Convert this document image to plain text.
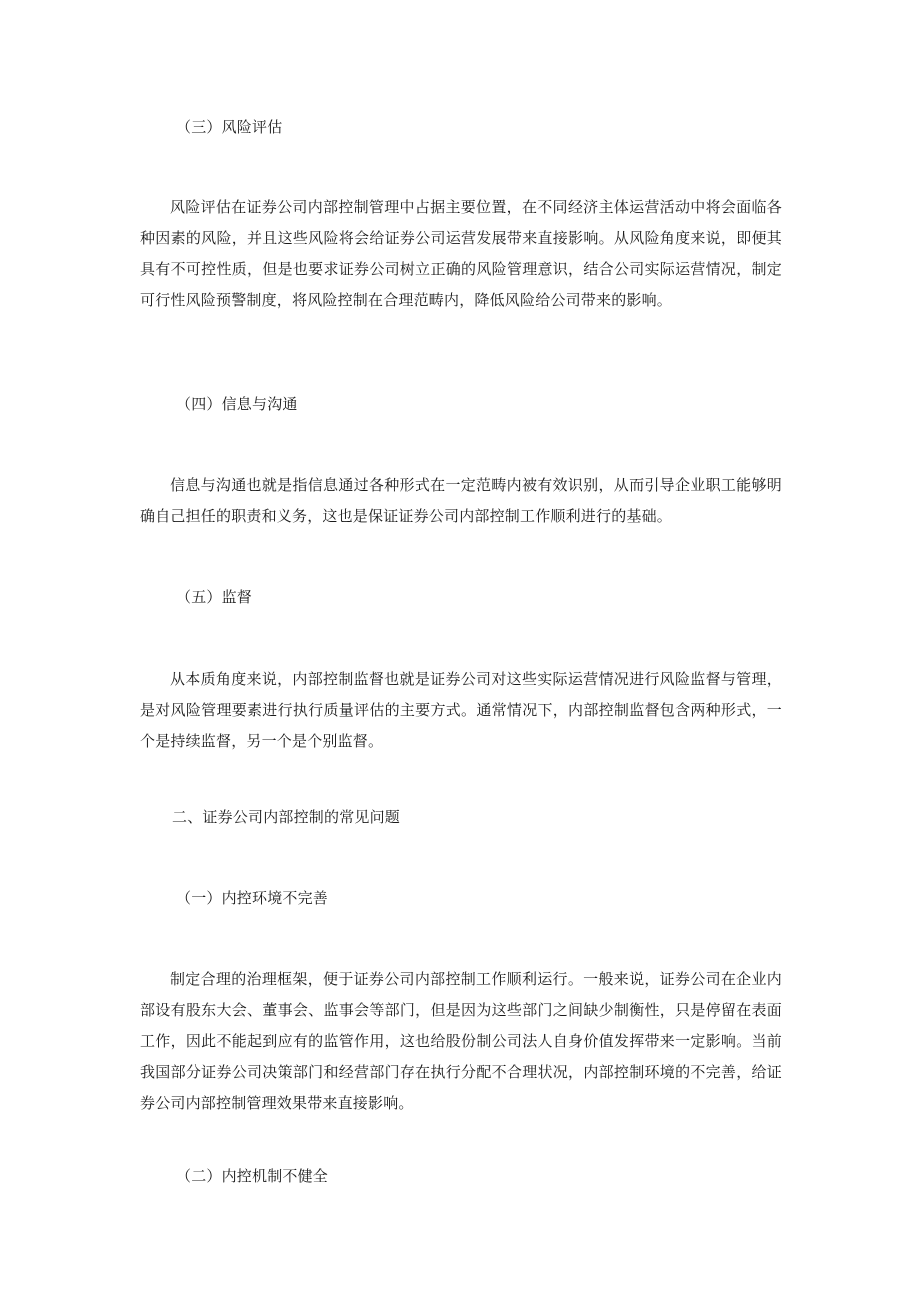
（三）风险评估

风险评估在证券公司内部控制管理中占据主要位置，在不同经济主体运营活动中将会面临各种因素的风险，并且这些风险将会给证券公司运营发展带来直接影响。从风险角度来说，即便其具有不可控性质，但是也要求证券公司树立正确的风险管理意识，结合公司实际运营情况，制定可行性风险预警制度，将风险控制在合理范畴内，降低风险给公司带来的影响。

（四）信息与沟通

信息与沟通也就是指信息通过各种形式在一定范畴内被有效识别，从而引导企业职工能够明确自己担任的职责和义务，这也是保证证券公司内部控制工作顺利进行的基础。

（五）监督

从本质角度来说，内部控制监督也就是证券公司对这些实际运营情况进行风险监督与管理，是对风险管理要素进行执行质量评估的主要方式。通常情况下，内部控制监督包含两种形式，一个是持续监督，另一个是个别监督。

二、证券公司内部控制的常见问题

（一）内控环境不完善

制定合理的治理框架，便于证券公司内部控制工作顺利运行。一般来说，证券公司在企业内部设有股东大会、董事会、监事会等部门，但是因为这些部门之间缺少制衡性，只是停留在表面工作，因此不能起到应有的监管作用，这也给股份制公司法人自身价值发挥带来一定影响。当前我国部分证券公司决策部门和经营部门存在执行分配不合理状况，内部控制环境的不完善，给证券公司内部控制管理效果带来直接影响。

（二）内控机制不健全
